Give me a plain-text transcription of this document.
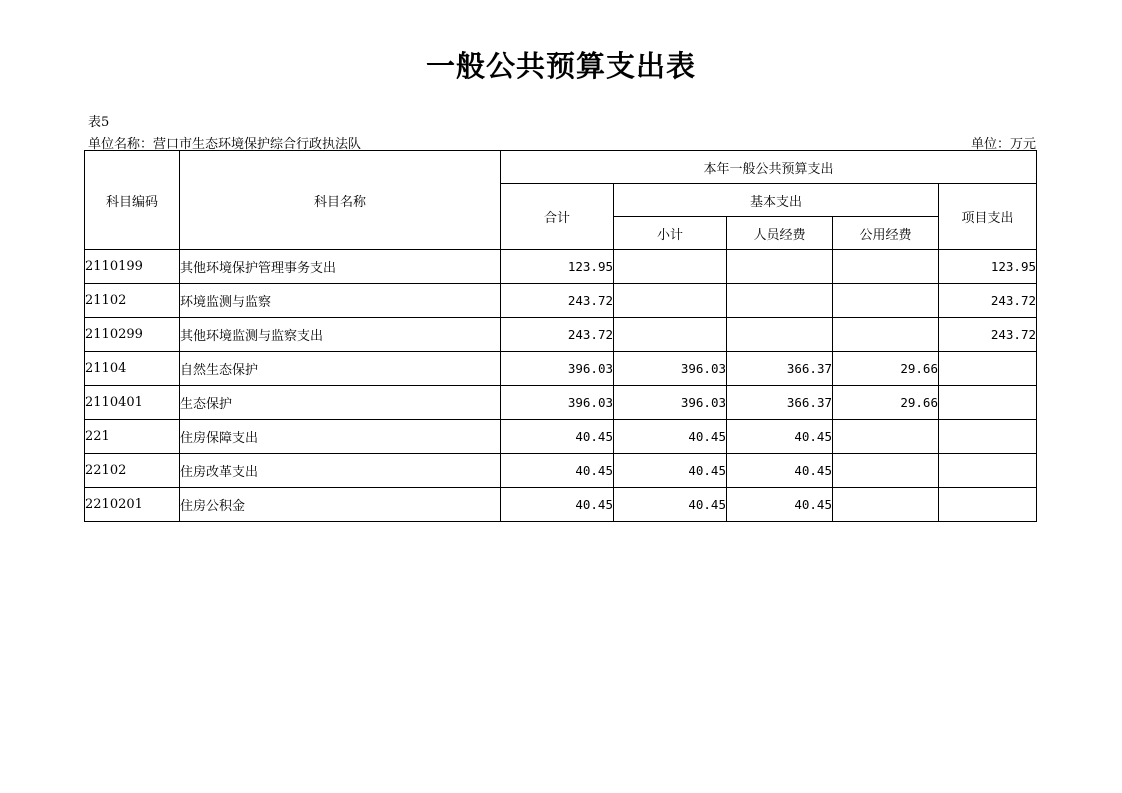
一般公共预算支出表
表5
单位名称：营口市生态环境保护综合行政执法队	单位：万元
科目编码	科目名称	本年一般公共预算支出				
		合计	基本支出			项目支出
			小计	人员经费	公用经费	
2110199	其他环境保护管理事务支出	123.95				123.95
21102	环境监测与监察	243.72				243.72
2110299	其他环境监测与监察支出	243.72				243.72
21104	自然生态保护	396.03	396.03	366.37	29.66	
2110401	生态保护	396.03	396.03	366.37	29.66	
221	住房保障支出	40.45	40.45	40.45		
22102	住房改革支出	40.45	40.45	40.45		
2210201	住房公积金	40.45	40.45	40.45		
